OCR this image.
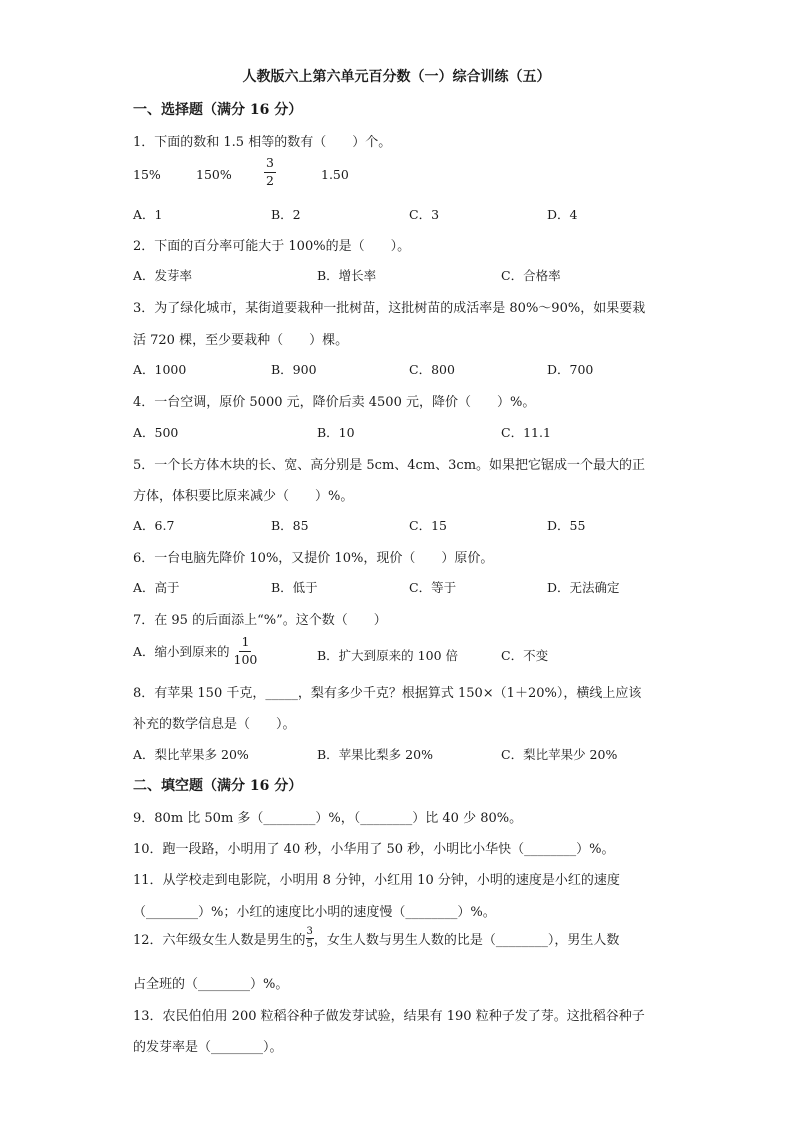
人教版六上第六单元百分数（一）综合训练（五）
一、选择题（满分 16 分）
1．下面的数和 1.5 相等的数有（　　）个。
15%	150%	$\frac{3}{2}$	1.50
A．1	B．2	C．3	D．4
2．下面的百分率可能大于 100%的是（　　）。
A．发芽率	B．增长率	C．合格率
3．为了绿化城市，某街道要栽种一批树苗，这批树苗的成活率是 80%～90%，如果要栽
活 720 棵，至少要栽种（　　）棵。
A．1000	B．900	C．800	D．700
4．一台空调，原价 5000 元，降价后卖 4500 元，降价（　　）%。
A．500	B．10	C．11.1
5．一个长方体木块的长、宽、高分别是 5cm、4cm、3cm。如果把它锯成一个最大的正
方体，体积要比原来减少（　　）%。
A．6.7	B．85	C．15	D．55
6．一台电脑先降价 10%，又提价 10%，现价（　　）原价。
A．高于	B．低于	C．等于	D．无法确定
7．在 95 的后面添上“%”。这个数（　　）
A．缩小到原来的 $\frac{1}{100}$	B．扩大到原来的 100 倍	C．不变
8．有苹果 150 千克，_____，梨有多少千克？根据算式 150×（1＋20%），横线上应该
补充的数学信息是（　　）。
A．梨比苹果多 20%	B．苹果比梨多 20%	C．梨比苹果少 20%
二、填空题（满分 16 分）
9．80m 比 50m 多（________）%，（________）比 40 少 80%。
10．跑一段路，小明用了 40 秒，小华用了 50 秒，小明比小华快（________）%。
11．从学校走到电影院，小明用 8 分钟，小红用 10 分钟，小明的速度是小红的速度
（________）%；小红的速度比小明的速度慢（________）%。
12．六年级女生人数是男生的 $\frac{3}{5}$ ，女生人数与男生人数的比是（________），男生人数
占全班的（________）%。
13．农民伯伯用 200 粒稻谷种子做发芽试验，结果有 190 粒种子发了芽。这批稻谷种子
的发芽率是（________）。
